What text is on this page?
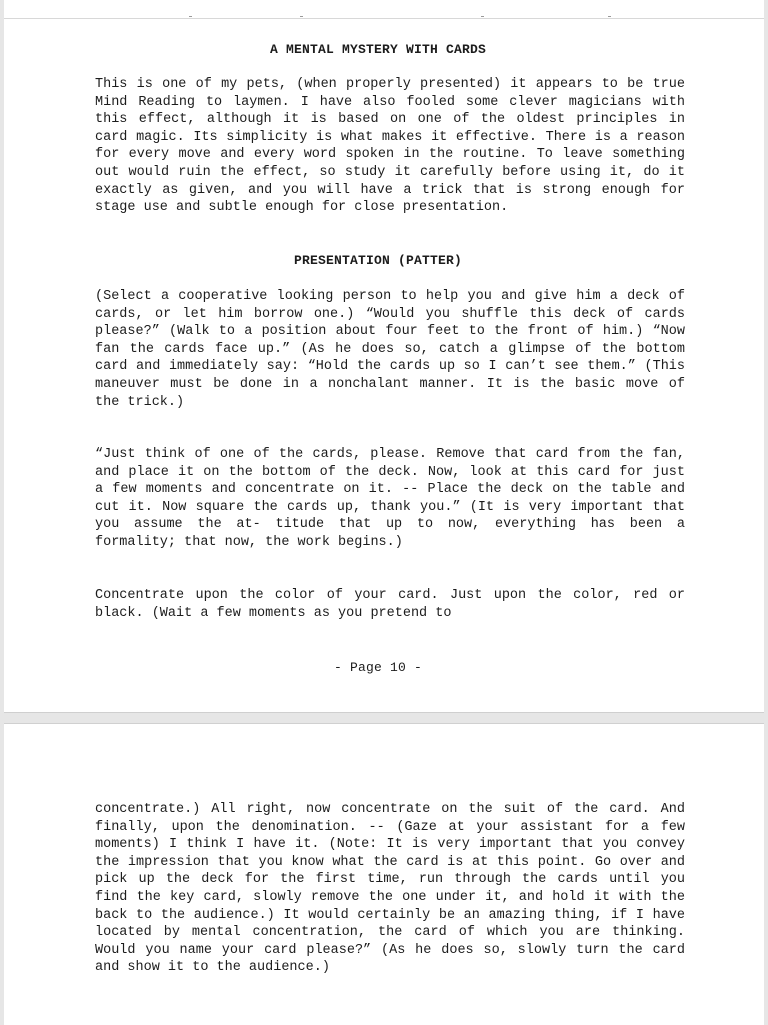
A MENTAL MYSTERY WITH CARDS

This is one of my pets, (when properly presented) it appears to be true Mind Reading to laymen. I have also fooled some clever magicians with this effect, although it is based on one of the oldest principles in card magic. Its simplicity is what makes it effective. There is a reason for every move and every word spoken in the routine. To leave something out would ruin the effect, so study it carefully before using it, do it exactly as given, and you will have a trick that is strong enough for stage use and subtle enough for close presentation.

PRESENTATION (PATTER)

(Select a cooperative looking person to help you and give him a deck of cards, or let him borrow one.) “Would you shuffle this deck of cards please?” (Walk to a position about four feet to the front of him.) “Now fan the cards face up.” (As he does so, catch a glimpse of the bottom card and immediately say: “Hold the cards up so I can’t see them.” (This maneuver must be done in a nonchalant manner. It is the basic move of the trick.)

“Just think of one of the cards, please. Remove that card from the fan, and place it on the bottom of the deck. Now, look at this card for just a few moments and concentrate on it. -- Place the deck on the table and cut it. Now square the cards up, thank you.” (It is very important that you assume the at- titude that up to now, everything has been a formality; that now, the work begins.)

Concentrate upon the color of your card. Just upon the color, red or black. (Wait a few moments as you pretend to

- Page 10 -

concentrate.) All right, now concentrate on the suit of the card. And finally, upon the denomination. -- (Gaze at your assistant for a few moments) I think I have it. (Note: It is very important that you convey the impression that you know what the card is at this point. Go over and pick up the deck for the first time, run through the cards until you find the key card, slowly remove the one under it, and hold it with the back to the audience.) It would certainly be an amazing thing, if I have located by mental concentration, the card of which you are thinking. Would you name your card please?” (As he does so, slowly turn the card and show it to the audience.)
